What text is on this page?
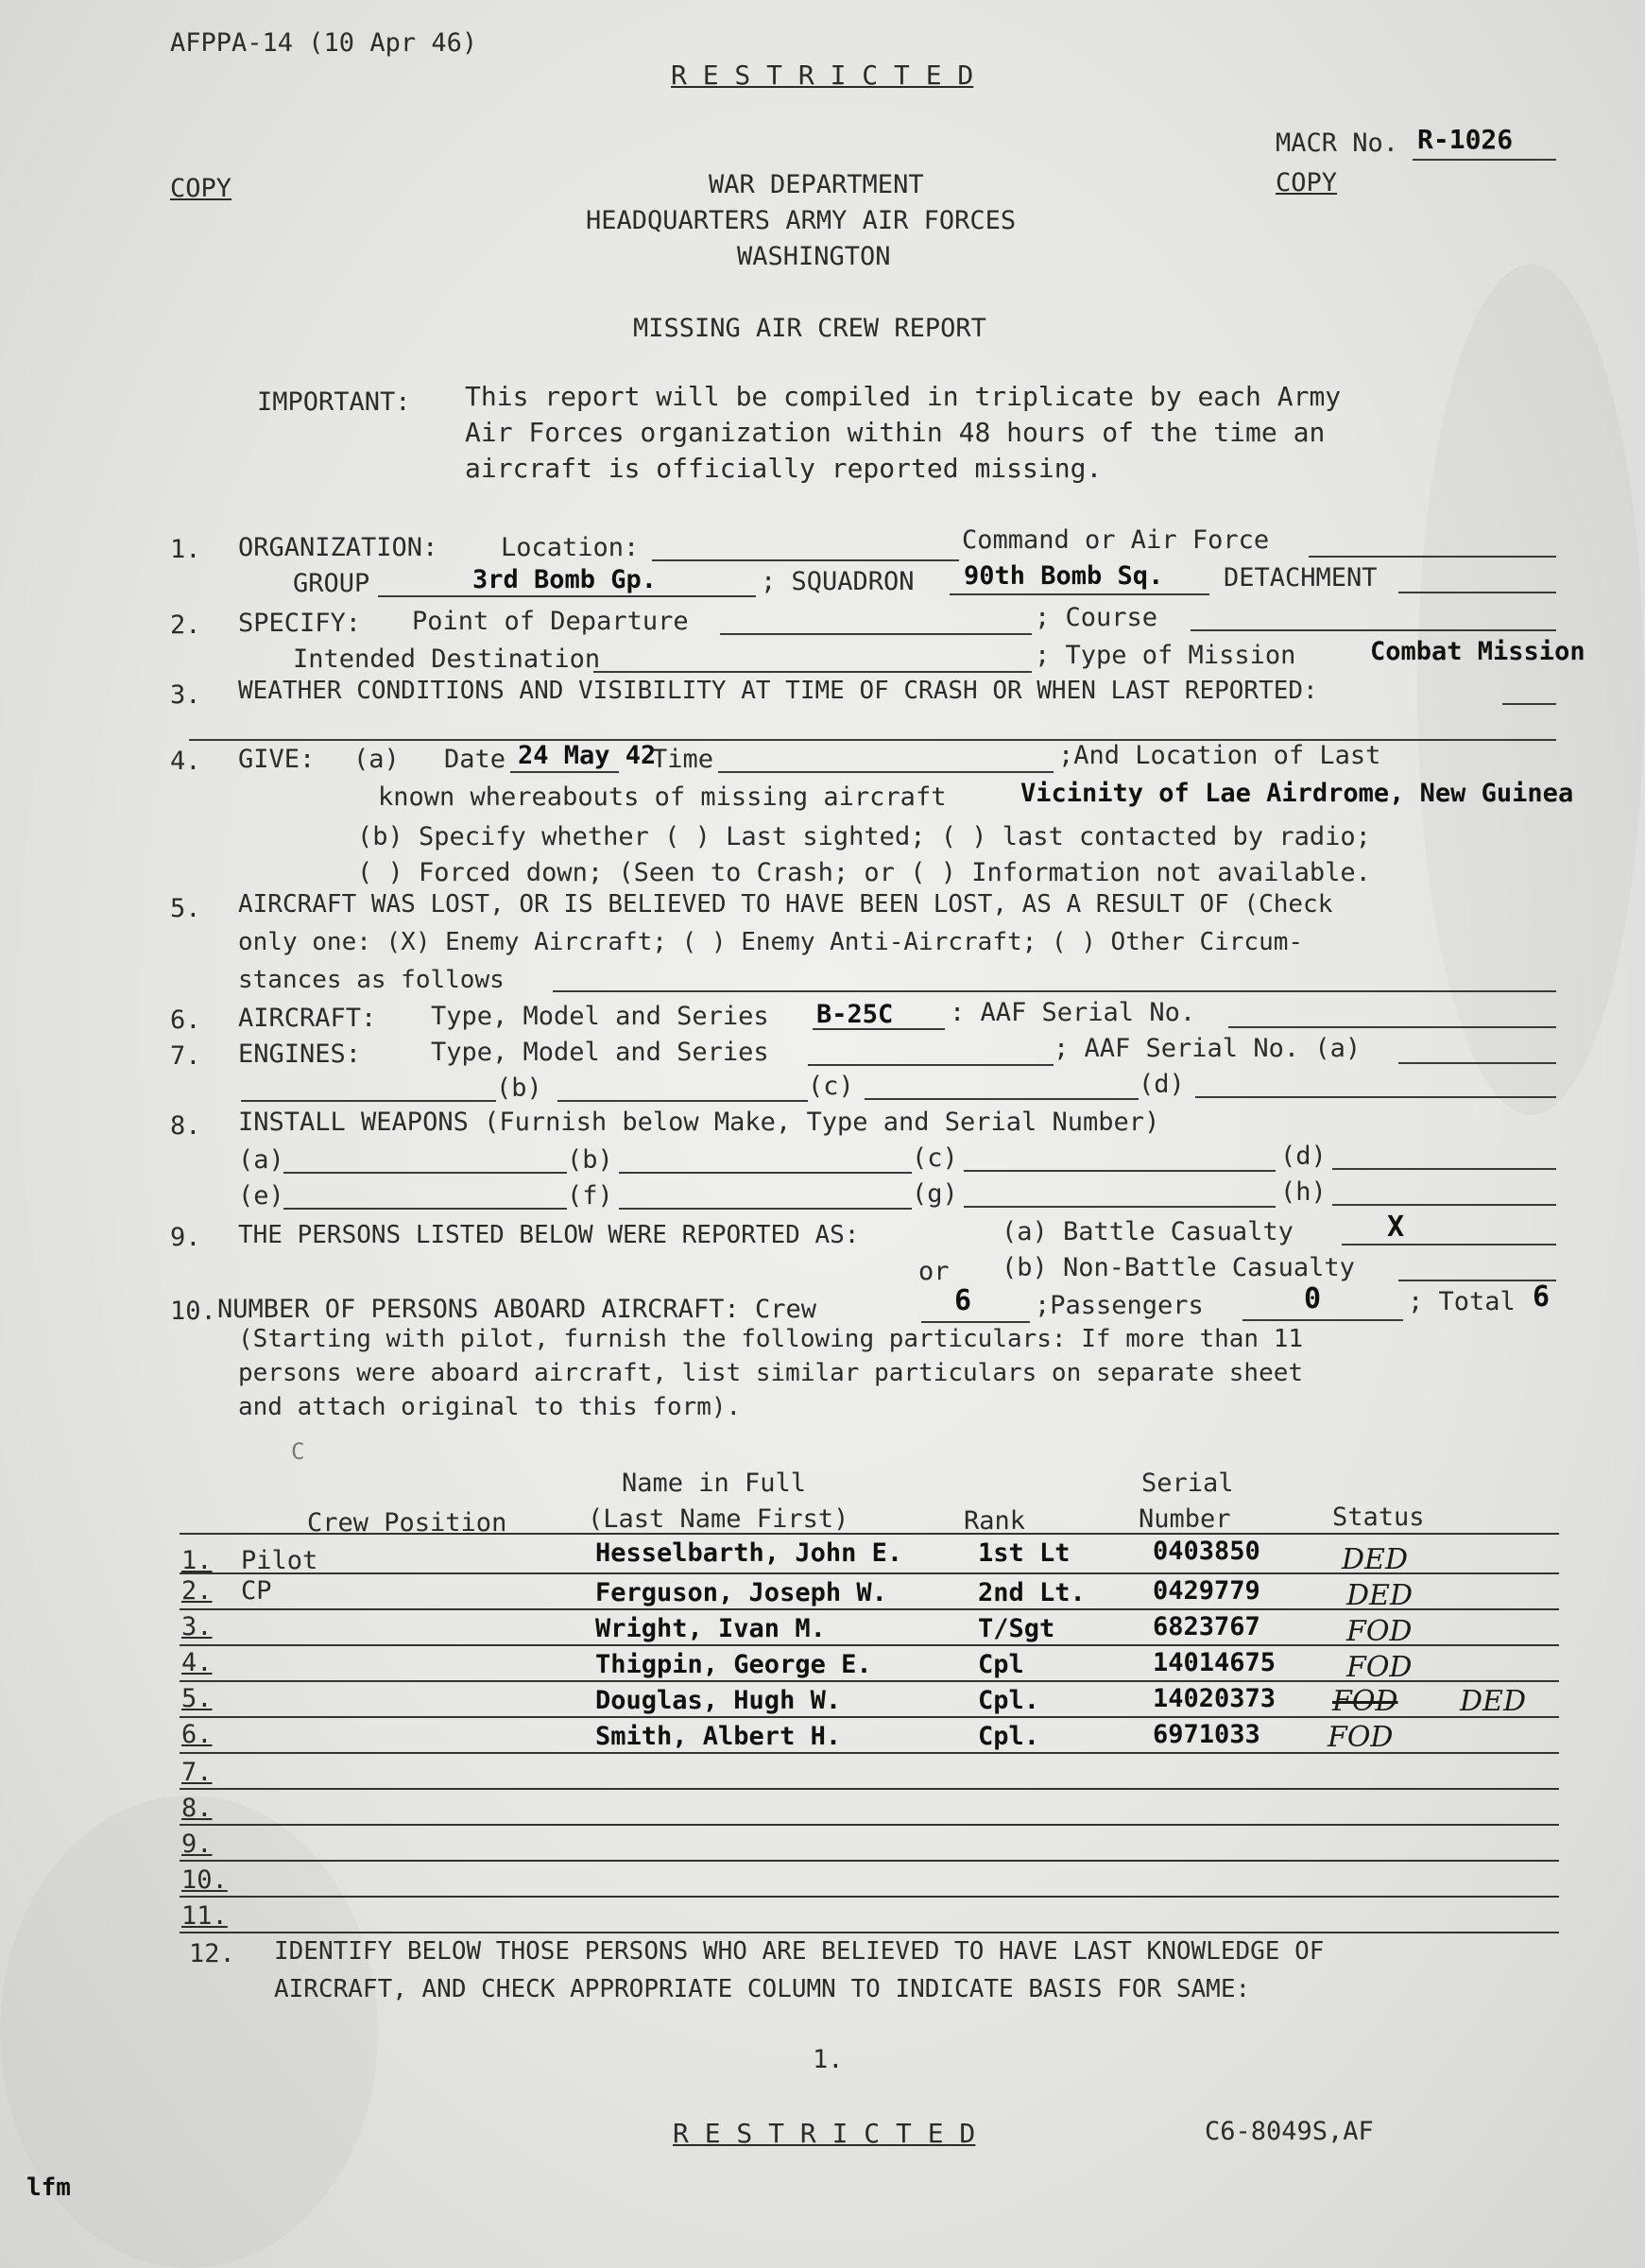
AFPPA-14 (10 Apr 46)
R E S T R I C T E D
MACR No. R-1026
COPY
COPY	WAR DEPARTMENT
HEADQUARTERS ARMY AIR FORCES
WASHINGTON
MISSING AIR CREW REPORT
IMPORTANT: This report will be compiled in triplicate by each Army
Air Forces organization within 48 hours of the time an
aircraft is officially reported missing.
1. ORGANIZATION: Location:	Command or Air Force
GROUP	3rd Bomb Gp.	; SQUADRON 90th Bomb Sq. DETACHMENT
2. SPECIFY: Point of Departure	; Course
Intended Destination	; Type of Mission	Combat Mission
3. WEATHER CONDITIONS AND VISIBILITY AT TIME OF CRASH OR WHEN LAST REPORTED:
4. GIVE: (a) Date 24 May 42
Time	;And Location of Last
known whereabouts of missing aircraft	Vicinity of Lae Airdrome, New Guinea
(b) Specify whether ( ) Last sighted; ( ) last contacted by radio;
( ) Forced down; (Seen to Crash; or ( ) Information not available.
5. AIRCRAFT WAS LOST, OR IS BELIEVED TO HAVE BEEN LOST, AS A RESULT OF (Check
only one: (X) Enemy Aircraft; ( ) Enemy Anti-Aircraft; ( ) Other Circum-
stances as follows
6. AIRCRAFT: Type, Model and Series B-25C : AAF Serial No.
7. ENGINES:	Type, Model and Series	; AAF Serial No. (a)
(b)	(c)	(d)
8. INSTALL WEAPONS (Furnish below Make, Type and Serial Number)
(a)	(b)	(c)	(d)
(e)	(f)	(g)	(h)
9. THE PERSONS LISTED BELOW WERE REPORTED AS:	(a) Battle Casualty	X
or (b) Non-Battle Casualty
10. NUMBER OF PERSONS ABOARD AIRCRAFT: Crew	6 ;Passengers	0	; Total 6
(Starting with pilot, furnish the following particulars: If more than 11
persons were aboard aircraft, list similar particulars on separate sheet
and attach original to this form).
C
Name in Full	Serial
Crew Position	(Last Name First)	Rank	Number	Status
1. Pilot	Hesselbarth, John E.	1st Lt	0403850	DED
2. CP	Ferguson, Joseph W.	2nd Lt.	0429779	DED
3.	Wright, Ivan M.	T/Sgt	6823767	FOD
4.	Thigpin, George E.	Cpl	14014675 FOD
5.	Douglas, Hugh W.	Cpl.	14020373 FOD DED
6.	Smith, Albert H.	Cpl.	6971033 FOD
7.
8.
9.
10.
11.
12. IDENTIFY BELOW THOSE PERSONS WHO ARE BELIEVED TO HAVE LAST KNOWLEDGE OF
AIRCRAFT, AND CHECK APPROPRIATE COLUMN TO INDICATE BASIS FOR SAME:
1.
R E S T R I C T E D	C6-8049S,AF
lfm
